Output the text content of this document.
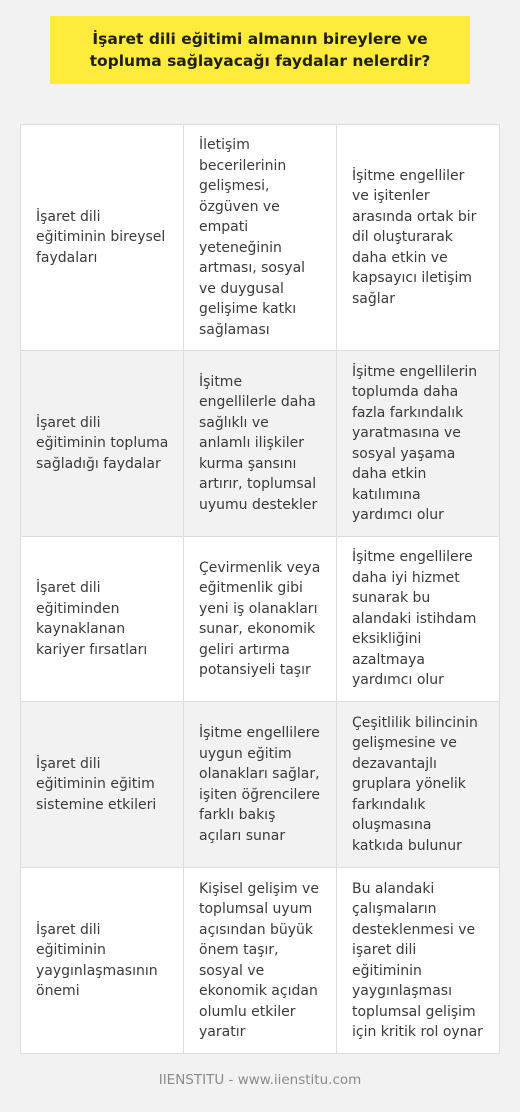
İşaret dili eğitimi almanın bireylere ve topluma sağlayacağı faydalar nelerdir?
İşaret dili eğitiminin bireysel faydaları
İletişim becerilerinin gelişmesi, özgüven ve empati yeteneğinin artması, sosyal ve duygusal gelişime katkı sağlaması
İşitme engelliler ve işitenler arasında ortak bir dil oluşturarak daha etkin ve kapsayıcı iletişim sağlar
İşaret dili eğitiminin topluma sağladığı faydalar
İşitme engellilerle daha sağlıklı ve anlamlı ilişkiler kurma şansını artırır, toplumsal uyumu destekler
İşitme engellilerin toplumda daha fazla farkındalık yaratmasına ve sosyal yaşama daha etkin katılımına yardımcı olur
İşaret dili eğitiminden kaynaklanan kariyer fırsatları
Çevirmenlik veya eğitmenlik gibi yeni iş olanakları sunar, ekonomik geliri artırma potansiyeli taşır
İşitme engellilere daha iyi hizmet sunarak bu alandaki istihdam eksikliğini azaltmaya yardımcı olur
İşaret dili eğitiminin eğitim sistemine etkileri
İşitme engellilere uygun eğitim olanakları sağlar, işiten öğrencilere farklı bakış açıları sunar
Çeşitlilik bilincinin gelişmesine ve dezavantajlı gruplara yönelik farkındalık oluşmasına katkıda bulunur
İşaret dili eğitiminin yaygınlaşmasının önemi
Kişisel gelişim ve toplumsal uyum açısından büyük önem taşır, sosyal ve ekonomik açıdan olumlu etkiler yaratır
Bu alandaki çalışmaların desteklenmesi ve işaret dili eğitiminin yaygınlaşması toplumsal gelişim için kritik rol oynar
IIENSTITU - www.iienstitu.com
